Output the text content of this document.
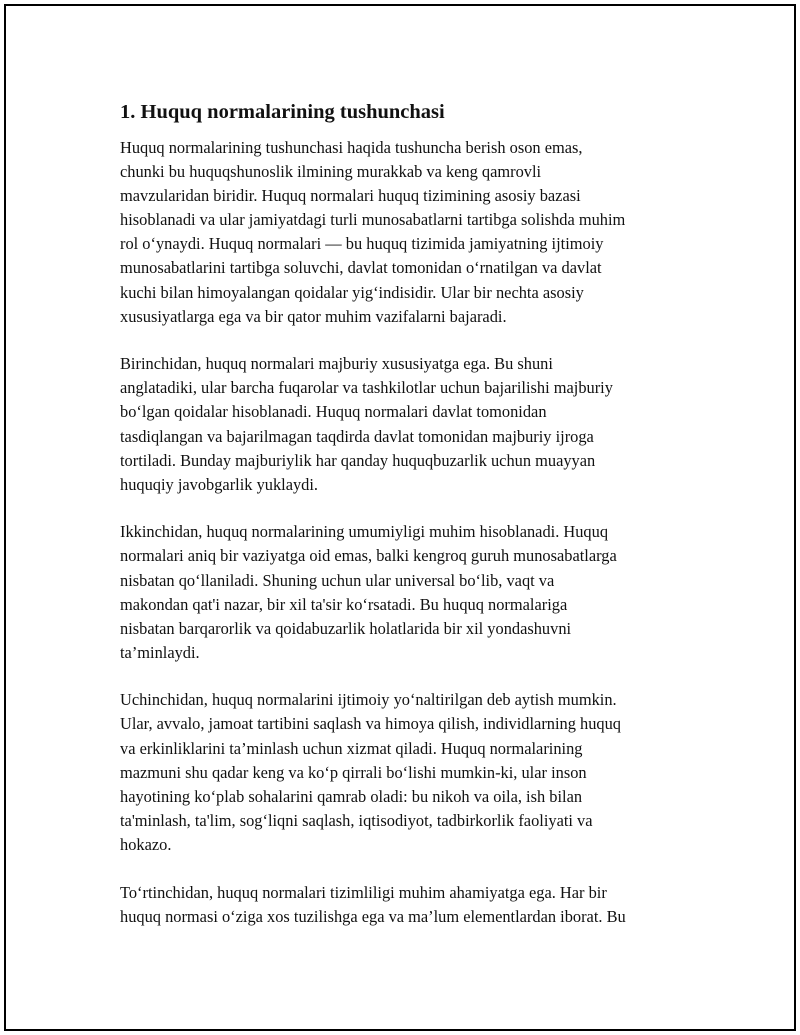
1. Huquq normalarining tushunchasi
Huquq normalarining tushunchasi haqida tushuncha berish oson emas,
chunki bu huquqshunoslik ilmining murakkab va keng qamrovli
mavzularidan biridir. Huquq normalari huquq tizimining asosiy bazasi
hisoblanadi va ular jamiyatdagi turli munosabatlarni tartibga solishda muhim
rol o‘ynaydi. Huquq normalari — bu huquq tizimida jamiyatning ijtimoiy
munosabatlarini tartibga soluvchi, davlat tomonidan o‘rnatilgan va davlat
kuchi bilan himoyalangan qoidalar yig‘indisidir. Ular bir nechta asosiy
xususiyatlarga ega va bir qator muhim vazifalarni bajaradi.
Birinchidan, huquq normalari majburiy xususiyatga ega. Bu shuni
anglatadiki, ular barcha fuqarolar va tashkilotlar uchun bajarilishi majburiy
bo‘lgan qoidalar hisoblanadi. Huquq normalari davlat tomonidan
tasdiqlangan va bajarilmagan taqdirda davlat tomonidan majburiy ijroga
tortiladi. Bunday majburiylik har qanday huquqbuzarlik uchun muayyan
huquqiy javobgarlik yuklaydi.
Ikkinchidan, huquq normalarining umumiyligi muhim hisoblanadi. Huquq
normalari aniq bir vaziyatga oid emas, balki kengroq guruh munosabatlarga
nisbatan qo‘llaniladi. Shuning uchun ular universal bo‘lib, vaqt va
makondan qat'i nazar, bir xil ta'sir ko‘rsatadi. Bu huquq normalariga
nisbatan barqarorlik va qoidabuzarlik holatlarida bir xil yondashuvni
ta’minlaydi.
Uchinchidan, huquq normalarini ijtimoiy yo‘naltirilgan deb aytish mumkin.
Ular, avvalo, jamoat tartibini saqlash va himoya qilish, individlarning huquq
va erkinliklarini ta’minlash uchun xizmat qiladi. Huquq normalarining
mazmuni shu qadar keng va ko‘p qirrali bo‘lishi mumkin-ki, ular inson
hayotining ko‘plab sohalarini qamrab oladi: bu nikoh va oila, ish bilan
ta'minlash, ta'lim, sog‘liqni saqlash, iqtisodiyot, tadbirkorlik faoliyati va
hokazo.
To‘rtinchidan, huquq normalari tizimliligi muhim ahamiyatga ega. Har bir
huquq normasi o‘ziga xos tuzilishga ega va ma’lum elementlardan iborat. Bu
